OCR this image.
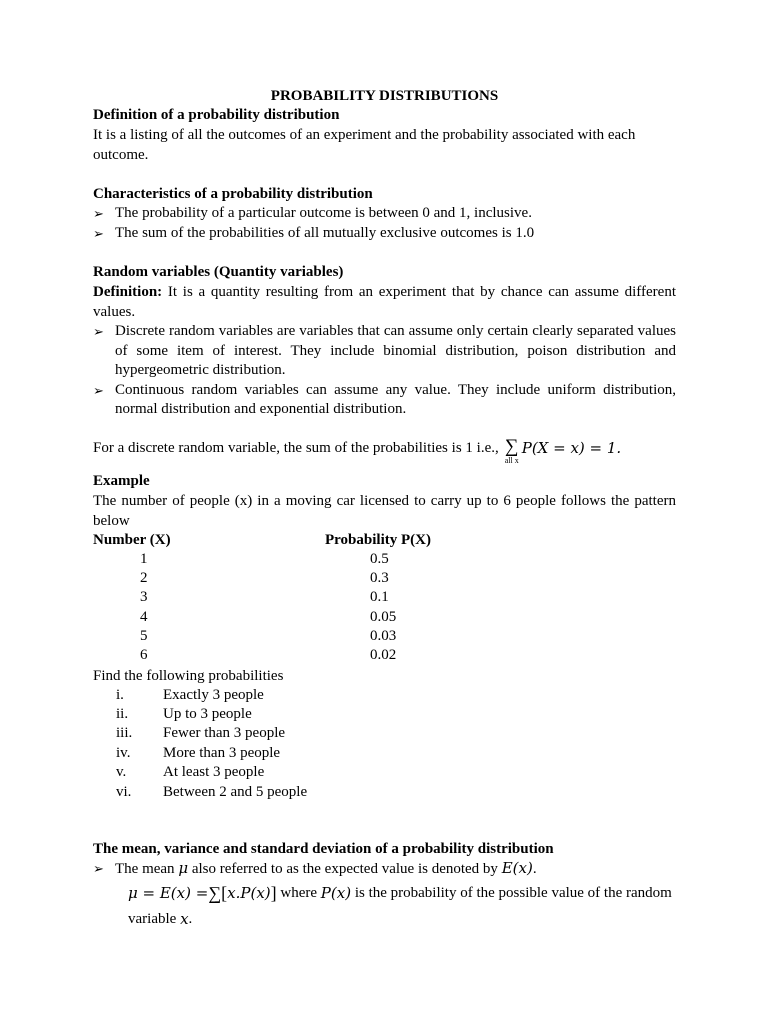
PROBABILITY DISTRIBUTIONS
Definition of a probability distribution

It is a listing of all the outcomes of an experiment and the probability associated with each outcome.

Characteristics of a probability distribution
➢ The probability of a particular outcome is between 0 and 1, inclusive.
➢ The sum of the probabilities of all mutually exclusive outcomes is 1.0
Random variables (Quantity variables)

Definition: It is a quantity resulting from an experiment that by chance can assume different values.

➢ Discrete random variables are variables that can assume only certain clearly separated values of some item of interest. They include binomial distribution, poison distribution and hypergeometric distribution.
➢ Continuous random variables can assume any value. They include uniform distribution, normal distribution and exponential distribution.
For a discrete random variable, the sum of the probabilities is 1 i.e., ∑
all x
P(X = x) = 1.
Example

The number of people (x) in a moving car licensed to carry up to 6 people follows the pattern below

Number (X)	Probability P(X)
1	0.5
2	0.3
3	0.1
4	0.05
5	0.03
6	0.02

Find the following probabilities

i.	Exactly 3 people
ii.	Up to 3 people
iii.	Fewer than 3 people
iv.	More than 3 people
v.	At least 3 people
vi.	Between 2 and 5 people
The mean, variance and standard deviation of a probability distribution
➢ The mean μ also referred to as the expected value is denoted by E(x).
μ = E(x) = ∑ [ x.P(x) ] where P(x) is the probability of the possible value of the random
variable x .
